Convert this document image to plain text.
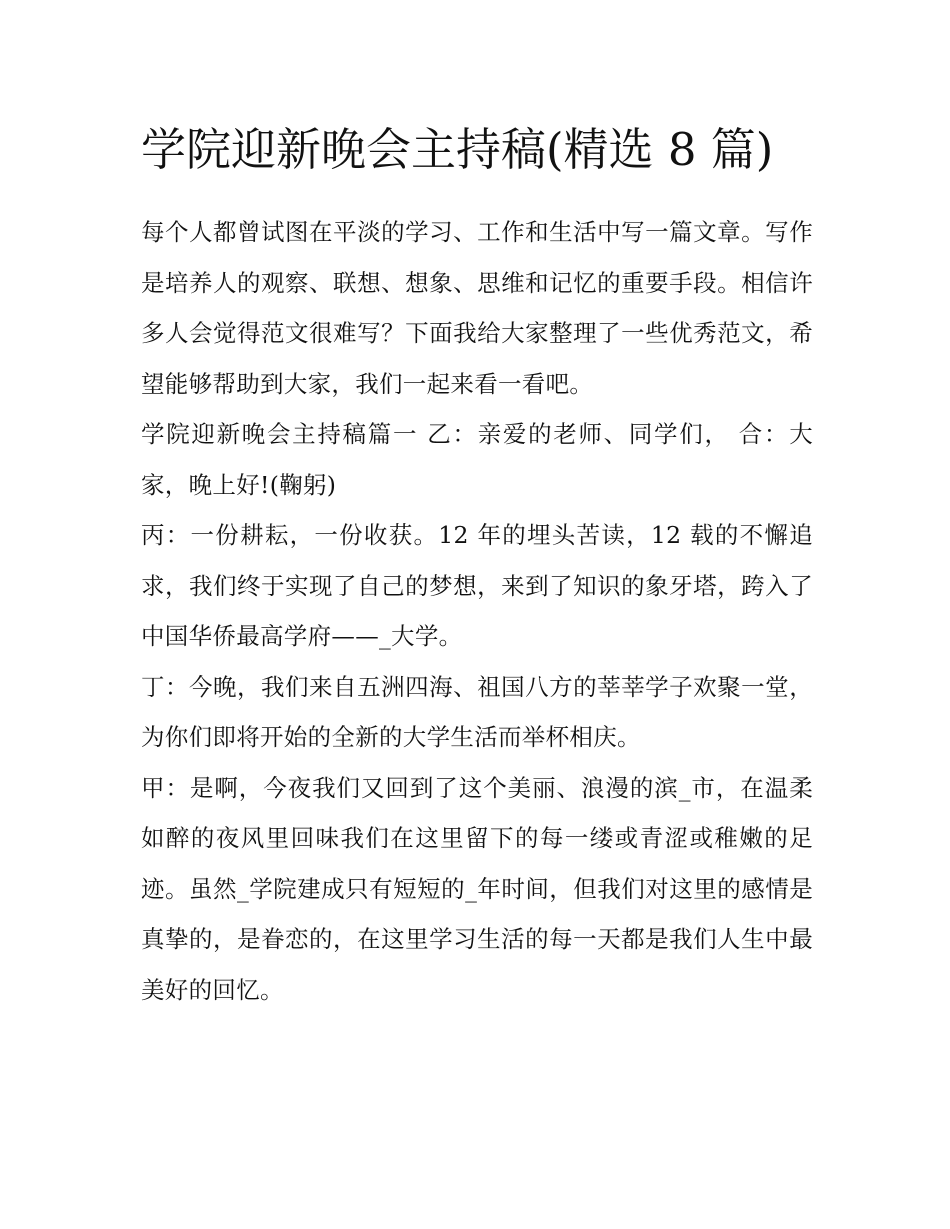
学院迎新晚会主持稿(精选 8 篇)

每个人都曾试图在平淡的学习、工作和生活中写一篇文章。写作是培养人的观察、联想、想象、思维和记忆的重要手段。相信许多人会觉得范文很难写？下面我给大家整理了一些优秀范文，希望能够帮助到大家，我们一起来看一看吧。

学院迎新晚会主持稿篇一 乙：亲爱的老师、同学们， 合：大家，晚上好!(鞠躬)

丙：一份耕耘，一份收获。12 年的埋头苦读，12 载的不懈追求，我们终于实现了自己的梦想，来到了知识的象牙塔，跨入了中国华侨最高学府——_大学。

丁：今晚，我们来自五洲四海、祖国八方的莘莘学子欢聚一堂，为你们即将开始的全新的大学生活而举杯相庆。

甲：是啊，今夜我们又回到了这个美丽、浪漫的滨_市，在温柔如醉的夜风里回味我们在这里留下的每一缕或青涩或稚嫩的足迹。虽然_学院建成只有短短的_年时间，但我们对这里的感情是真挚的，是眷恋的，在这里学习生活的每一天都是我们人生中最美好的回忆。
